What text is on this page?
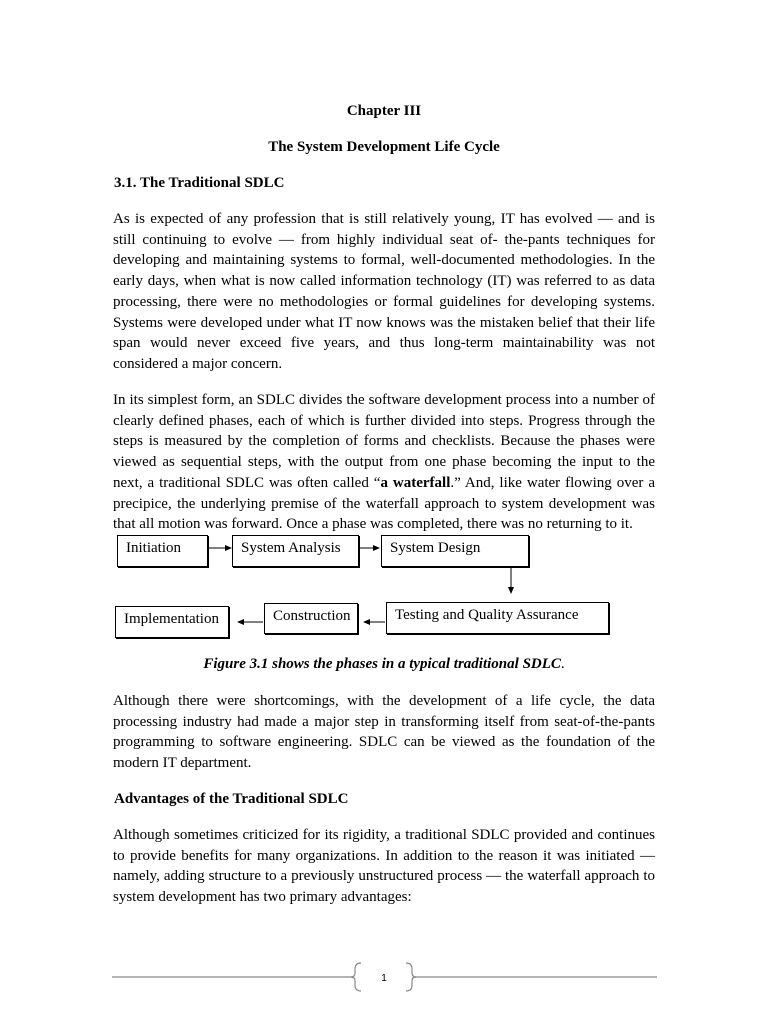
Chapter III
The System Development Life Cycle
3.1. The Traditional SDLC

As is expected of any profession that is still relatively young, IT has evolved — and is still continuing to evolve — from highly individual seat of- the-pants techniques for developing and maintaining systems to formal, well-documented methodologies. In the early days, when what is now called information technology (IT) was referred to as data processing, there were no methodologies or formal guidelines for developing systems. Systems were developed under what IT now knows was the mistaken belief that their life span would never exceed five years, and thus long-term maintainability was not considered a major concern.

In its simplest form, an SDLC divides the software development process into a number of clearly defined phases, each of which is further divided into steps. Progress through the steps is measured by the completion of forms and checklists. Because the phases were viewed as sequential steps, with the output from one phase becoming the input to the next, a traditional SDLC was often called “a waterfall.” And, like water flowing over a precipice, the underlying premise of the waterfall approach to system development was that all motion was forward. Once a phase was completed, there was no returning to it.

Initiation	System Analysis	System Design
Testing and Quality Assurance
Construction
Implementation

Figure 3.1 shows the phases in a typical traditional SDLC.

Although there were shortcomings, with the development of a life cycle, the data processing industry had made a major step in transforming itself from seat-of-the-pants programming to software engineering. SDLC can be viewed as the foundation of the modern IT department.

Advantages of the Traditional SDLC

Although sometimes criticized for its rigidity, a traditional SDLC provided and continues to provide benefits for many organizations. In addition to the reason it was initiated — namely, adding structure to a previously unstructured process — the waterfall approach to system development has two primary advantages:

1
